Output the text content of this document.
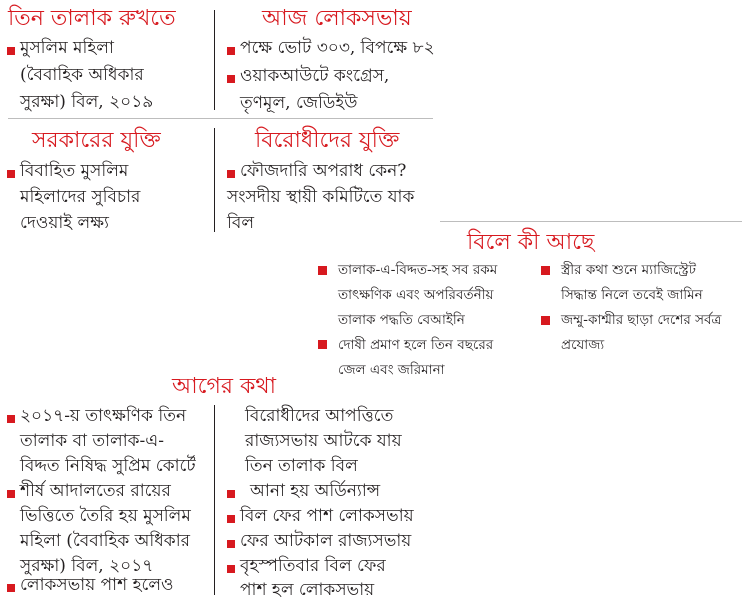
তিন তালাক রুখতে
মুসলিম মহিলা
(বৈবাহিক অধিকার
সুরক্ষা) বিল, ২০১৯
আজ লোকসভায়
পক্ষে ভোট ৩০৩, বিপক্ষে ৮২
ওয়াকআউটে কংগ্রেস,
তৃণমূল, জেডিইউ
সরকারের যুক্তি
বিবাহিত মুসলিম
মহিলাদের সুবিচার
দেওয়াই লক্ষ্য
বিরোধীদের যুক্তি
ফৌজদারি অপরাধ কেন?
সংসদীয় স্থায়ী কমিটিতে যাক
বিল
বিলে কী আছে
তালাক-এ-বিদ্দত-সহ সব রকম
তাৎক্ষণিক এবং অপরিবর্তনীয়
তালাক পদ্ধতি বেআইনি
দোষী প্রমাণ হলে তিন বছরের
জেল এবং জরিমানা
স্ত্রীর কথা শুনে ম্যাজিস্ট্রেট
সিদ্ধান্ত নিলে তবেই জামিন
জম্মু-কাশ্মীর ছাড়া দেশের সর্বত্র
প্রযোজ্য
আগের কথা
২০১৭-য় তাৎক্ষণিক তিন
তালাক বা তালাক-এ-
বিদ্দত নিষিদ্ধ সুপ্রিম কোর্টে
শীর্ষ আদালতের রায়ের
ভিত্তিতে তৈরি হয় মুসলিম
মহিলা (বৈবাহিক অধিকার
সুরক্ষা) বিল, ২০১৭
লোকসভায় পাশ হলেও
বিরোধীদের আপত্তিতে
রাজ্যসভায় আটকে যায়
তিন তালাক বিল
আনা হয় অর্ডিন্যান্স
বিল ফের পাশ লোকসভায়
ফের আটকাল রাজ্যসভায়
বৃহস্পতিবার বিল ফের
পাশ হল লোকসভায়
